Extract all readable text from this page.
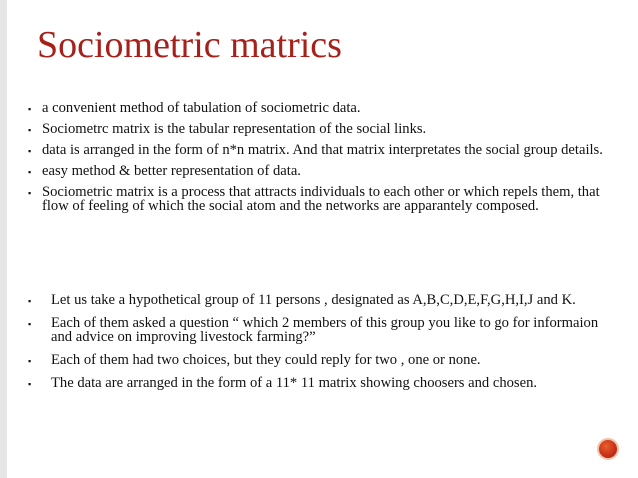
Sociometric matrics
▪ a convenient method of tabulation of sociometric data.
▪ Sociometrc matrix is the tabular representation of the social links.
▪ data is arranged in the form of n*n matrix. And that matrix interpretates the social group details.
▪ easy method & better representation of data.
▪ Sociometric matrix is a process that attracts individuals to each other or which repels them, that flow of feeling of which the social atom and the networks are apparantely composed.
▪ Let us take a hypothetical group of 11 persons , designated as A,B,C,D,E,F,G,H,I,J and K.
▪ Each of them asked a question “ which 2 members of this group you like to go for informaion and advice on improving livestock farming?”
▪ Each of them had two choices, but they could reply for two , one or none.
▪ The data are arranged in the form of a 11* 11 matrix showing choosers and chosen.
